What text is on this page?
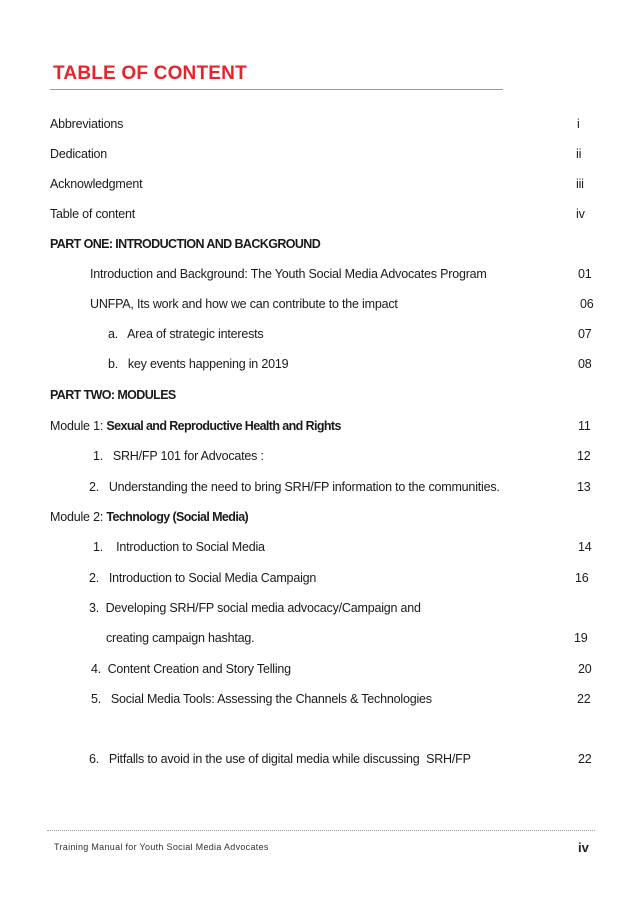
TABLE OF CONTENT
Abbreviations	i
Dedication	ii
Acknowledgment	iii
Table of content	iv
PART ONE: INTRODUCTION AND BACKGROUND
Introduction and Background: The Youth Social Media Advocates Program	01
UNFPA, Its work and how we can contribute to the impact	06
a.   Area of strategic interests	07
b.   key events happening in 2019	08
PART TWO: MODULES
Module 1: Sexual and Reproductive Health and Rights	11
1.   SRH/FP 101 for Advocates :	12
2.   Understanding the need to bring SRH/FP information to the communities.	13
Module 2: Technology (Social Media)
1.    Introduction to Social Media	14
2.   Introduction to Social Media Campaign	16
3.  Developing SRH/FP social media advocacy/Campaign and
creating campaign hashtag.	19
4.  Content Creation and Story Telling	20
5.   Social Media Tools: Assessing the Channels & Technologies	22
6.   Pitfalls to avoid in the use of digital media while discussing  SRH/FP	22
Training Manual for Youth Social Media Advocates	iv
